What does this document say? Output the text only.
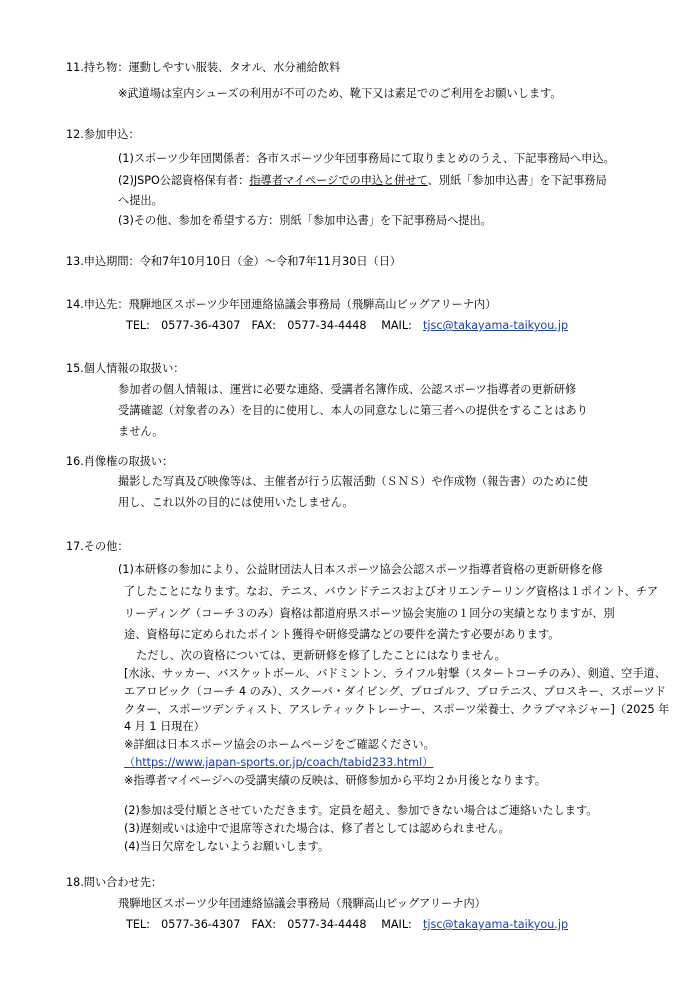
11.持ち物：運動しやすい服装、タオル、水分補給飲料
※武道場は室内シューズの利用が不可のため、靴下又は素足でのご利用をお願いします。
12.参加申込：
(1)スポーツ少年団関係者：各市スポーツ少年団事務局にて取りまとめのうえ、下記事務局へ申込。
(2)JSPO公認資格保有者：指導者マイページでの申込と併せて、別紙「参加申込書」を下記事務局
へ提出。
(3)その他、参加を希望する方：別紙「参加申込書」を下記事務局へ提出。
13.申込期間：令和7年10月10日（金）～令和7年11月30日（日）
14.申込先：飛騨地区スポーツ少年団連絡協議会事務局（飛騨高山ビッグアリーナ内）
TEL:　0577-36-4307　FAX:　0577-34-4448　 MAIL:　tjsc@takayama-taikyou.jp
15.個人情報の取扱い：
参加者の個人情報は、運営に必要な連絡、受講者名簿作成、公認スポーツ指導者の更新研修
受講確認（対象者のみ）を目的に使用し、本人の同意なしに第三者への提供をすることはあり
ません。
16.肖像権の取扱い：
撮影した写真及び映像等は、主催者が行う広報活動（ＳＮＳ）や作成物（報告書）のために使
用し、これ以外の目的には使用いたしません。
17.その他：
(1)本研修の参加により、公益財団法人日本スポーツ協会公認スポーツ指導者資格の更新研修を修
了したことになります。なお、テニス、バウンドテニスおよびオリエンテーリング資格は１ポイント、チア
リーディング（コーチ３のみ）資格は都道府県スポーツ協会実施の１回分の実績となりますが、別
途、資格毎に定められたポイント獲得や研修受講などの要件を満たす必要があります。
ただし、次の資格については、更新研修を修了したことにはなりません。
[水泳、サッカー、バスケットボール、バドミントン、ライフル射撃（スタートコーチのみ）、剣道、空手道、
エアロビック（コーチ 4 のみ）、スクーバ・ダイビング、プロゴルフ、プロテニス、プロスキー、スポーツド
クター、スポーツデンティスト、アスレティックトレーナー、スポーツ栄養士、クラブマネジャー]（2025 年
4 月 1 日現在）
※詳細は日本スポーツ協会のホームページをご確認ください。
（https://www.japan-sports.or.jp/coach/tabid233.html）
※指導者マイページへの受講実績の反映は、研修参加から平均２か月後となります。
(2)参加は受付順とさせていただきます。定員を超え、参加できない場合はご連絡いたします。
(3)遅刻或いは途中で退席等された場合は、修了者としては認められません。
(4)当日欠席をしないようお願いします。
18.問い合わせ先：
飛騨地区スポーツ少年団連絡協議会事務局（飛騨高山ビッグアリーナ内）
TEL:　0577-36-4307　FAX:　0577-34-4448　 MAIL:　tjsc@takayama-taikyou.jp
